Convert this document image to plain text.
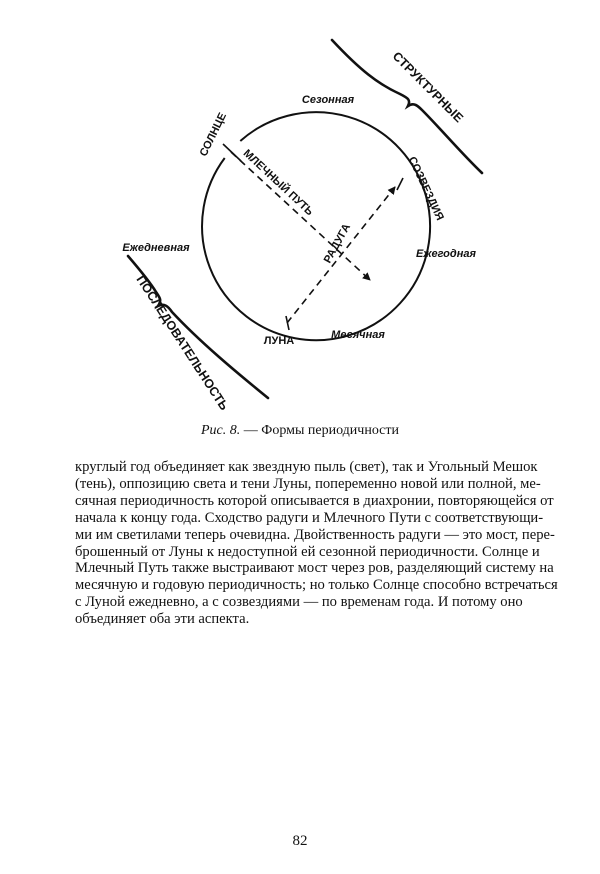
Сезонная	СТРУКТУРНЫЕ
СОЛНЦЕ
МЛЕЧНЫЙ ПУТЬ	СОЗВЕЗДИЯ
РАДУГА
Ежедневная	Ежегодная
ПОСЛЕДОВАТЕЛЬНОСТЬ	ЛУНА	Месячная
Рис. 8. — Формы периодичности

круглый год объединяет как звездную пыль (свет), так и Угольный Мешок
(тень), оппозицию света и тени Луны, попеременно новой или полной, ме-
сячная периодичность которой описывается в диахронии, повторяющейся от
начала к концу года. Сходство радуги и Млечного Пути с соответствующи-
ми им светилами теперь очевидна. Двойственность радуги — это мост, пере-
брошенный от Луны к недоступной ей сезонной периодичности. Солнце и
Млечный Путь также выстраивают мост через ров, разделяющий систему на
месячную и годовую периодичность; но только Солнце способно встречаться
с Луной ежедневно, а с созвездиями — по временам года. И потому оно
объединяет оба эти аспекта.

82
